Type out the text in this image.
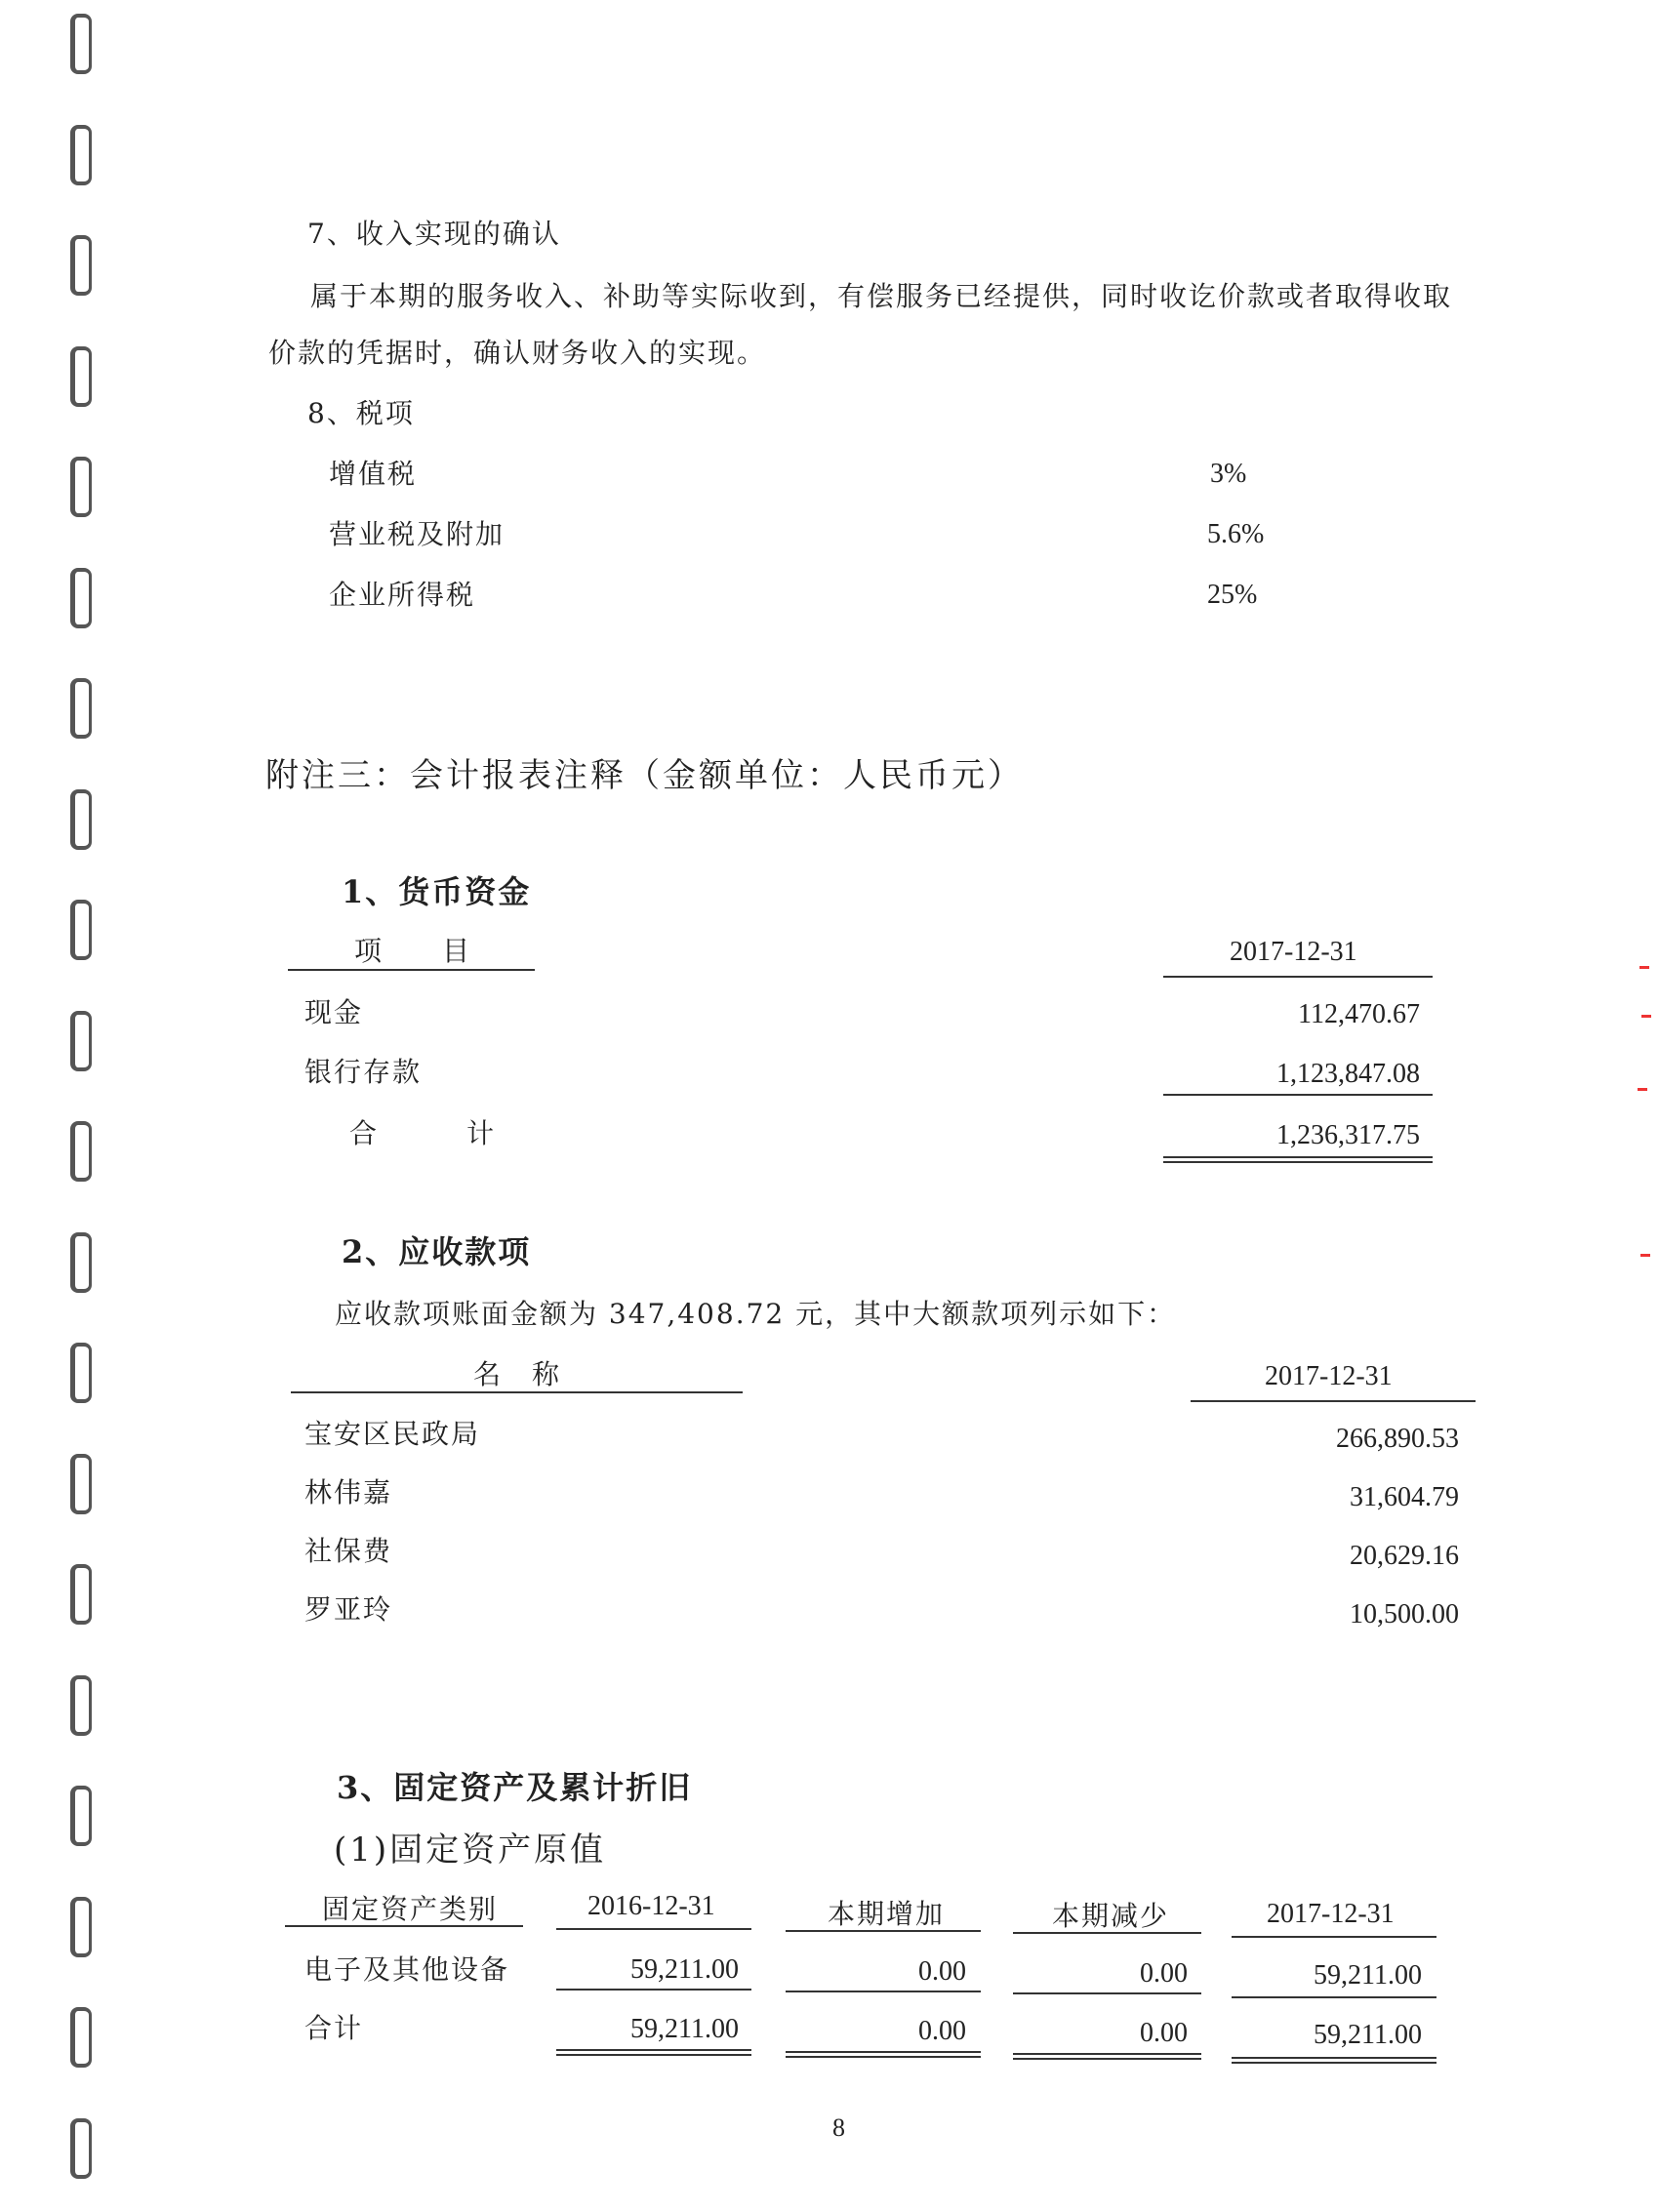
7、收入实现的确认
属于本期的服务收入、补助等实际收到，有偿服务已经提供，同时收讫价款或者取得收取
价款的凭据时，确认财务收入的实现。
8、税项
增值税	3%
营业税及附加	5.6%
企业所得税	25%
附注三：会计报表注释（金额单位：人民币元）
1、货币资金
项　　目	2017-12-31
现金	112,470.67
银行存款	1,123,847.08
合　　　计	1,236,317.75
2、应收款项
应收款项账面金额为 347,408.72 元，其中大额款项列示如下：
名　称	2017-12-31
宝安区民政局	266,890.53
林伟嘉	31,604.79
社保费	20,629.16
罗亚玲	10,500.00
3、固定资产及累计折旧
(1)固定资产原值
固定资产类别	2016-12-31	本期增加	本期减少	2017-12-31
电子及其他设备	59,211.00	0.00	0.00	59,211.00
合计	59,211.00	0.00	0.00	59,211.00
8
